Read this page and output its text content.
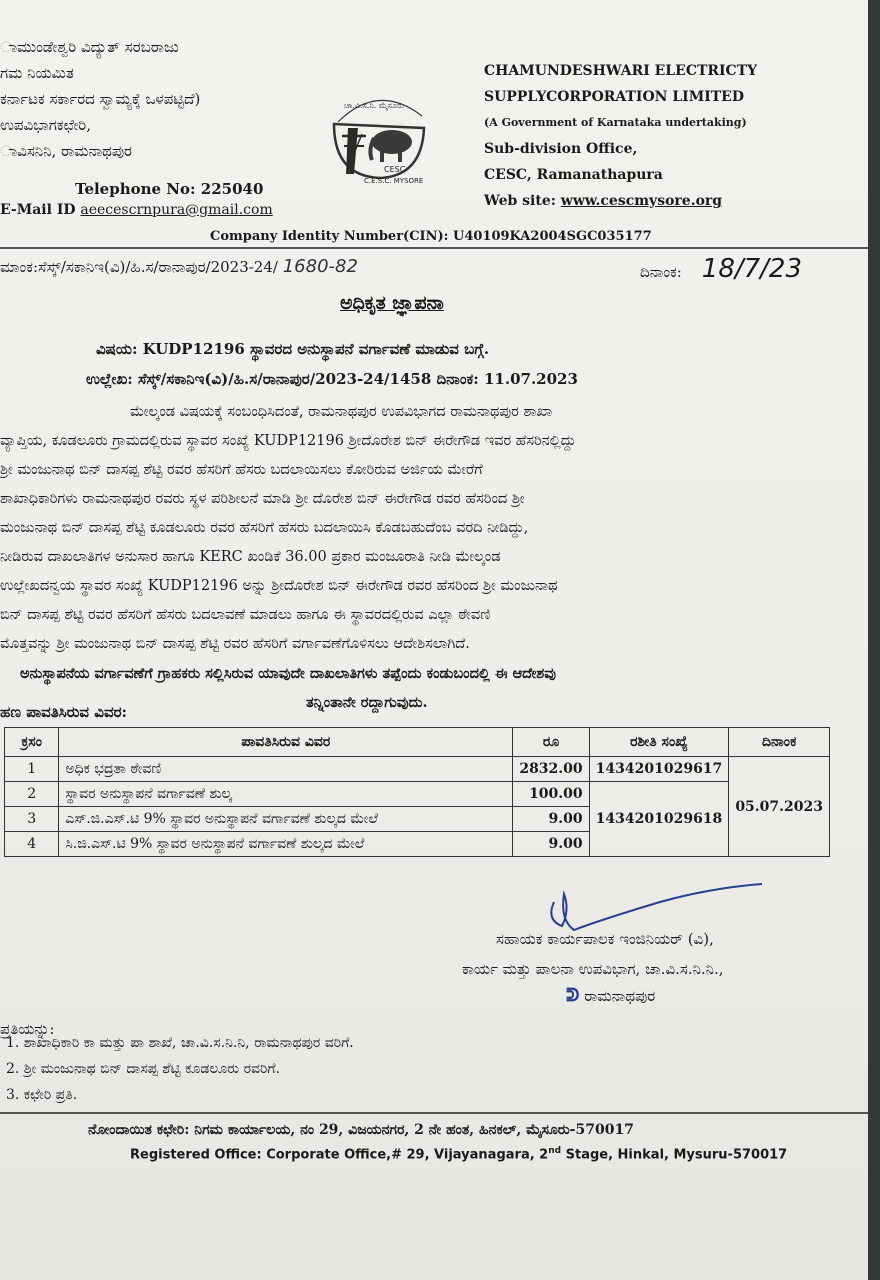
ಾಮುಂಡೇಶ್ವರಿ ವಿದ್ಯುತ್ ಸರಬರಾಜು
ಗಮ ನಿಯಮಿತ
ಕರ್ನಾಟಕ ಸರ್ಕಾರದ ಸ್ವಾಮ್ಯಕ್ಕೆ ಒಳಪಟ್ಟಿದೆ)
ಉಪವಿಭಾಗಕಛೇರಿ,
ಾವಿಸನಿನಿ, ರಾಮನಾಥಪುರ
Telephone No: 225040
E-Mail ID aeecescrnpura@gmail.com
ಚಾ.ವಿ.ಸ.ನಿ. ಮೈಸೂರು
CESC
C.E.S.C. MYSORE
CHAMUNDESHWARI ELECTRICTY
SUPPLYCORPORATION LIMITED
(A Government of Karnataka undertaking)
Sub-division Office,
CESC, Ramanathapura
Web site: www.cescmysore.org
Company Identity Number(CIN): U40109KA2004SGC035177
ಮಾಂಕ:ಸೆಸ್ಕ್/ಸಕಾನಿಇ(ವಿ)/ಹಿ.ಸ/ರಾನಾಪುರ/2023-24/ 1680-82	ದಿನಾಂಕ: 18/7/23
ಅಧಿಕೃತ ಜ್ಞಾಪನಾ
ವಿಷಯ: KUDP12196 ಸ್ಥಾವರದ ಅನುಸ್ಥಾಪನೆ ವರ್ಗಾವಣೆ ಮಾಡುವ ಬಗ್ಗೆ.
ಉಲ್ಲೇಖ: ಸೆಸ್ಕ್/ಸಕಾನಿಇ(ವಿ)/ಹಿ.ಸ/ರಾನಾಪುರ/2023-24/1458 ದಿನಾಂಕ: 11.07.2023
ಮೇಲ್ಕಂಡ ವಿಷಯಕ್ಕೆ ಸಂಬಂಧಿಸಿದಂತೆ, ರಾಮನಾಥಪುರ ಉಪವಿಭಾಗದ ರಾಮನಾಥಪುರ ಶಾಖಾ
ವ್ಯಾಪ್ತಿಯ, ಕೂಡಲೂರು ಗ್ರಾಮದಲ್ಲಿರುವ ಸ್ಥಾವರ ಸಂಖ್ಯೆ KUDP12196 ಶ್ರೀದೊರೇಶ ಬಿನ್ ಈರೇಗೌಡ ಇವರ ಹೆಸರಿನಲ್ಲಿದ್ದು
ಶ್ರೀ ಮಂಜುನಾಥ ಬಿನ್ ದಾಸಪ್ಪ ಶೆಟ್ಟಿ ರವರ ಹೆಸರಿಗೆ ಹೆಸರು ಬದಲಾಯಿಸಲು ಕೋರಿರುವ ಅರ್ಜಿಯ ಮೇರೆಗೆ
ಶಾಖಾಧಿಕಾರಿಗಳು ರಾಮನಾಥಪುರ ರವರು ಸ್ಥಳ ಪರಿಶೀಲನೆ ಮಾಡಿ ಶ್ರೀ ದೊರೇಶ ಬಿನ್ ಈರೇಗೌಡ ರವರ ಹೆಸರಿಂದ ಶ್ರೀ
ಮಂಜುನಾಥ ಬಿನ್ ದಾಸಪ್ಪ ಶೆಟ್ಟಿ ಕೂಡಲೂರು ರವರ ಹೆಸರಿಗೆ ಹೆಸರು ಬದಲಾಯಿಸಿ ಕೊಡಬಹುದೆಂಬ ವರದಿ ನೀಡಿದ್ದು,
ನೀಡಿರುವ ದಾಖಲಾತಿಗಳ ಅನುಸಾರ ಹಾಗೂ KERC ಖಂಡಿಕೆ 36.00 ಪ್ರಕಾರ ಮಂಜೂರಾತಿ ನೀಡಿ ಮೇಲ್ಕಂಡ
ಉಲ್ಲೇಖದನ್ವಯ ಸ್ಥಾವರ ಸಂಖ್ಯೆ KUDP12196 ಅನ್ನು ಶ್ರೀದೊರೇಶ ಬಿನ್ ಈರೇಗೌಡ ರವರ ಹೆಸರಿಂದ ಶ್ರೀ ಮಂಜುನಾಥ
ಬಿನ್ ದಾಸಪ್ಪ ಶೆಟ್ಟಿ ರವರ ಹೆಸರಿಗೆ ಹೆಸರು ಬದಲಾವಣೆ ಮಾಡಲು ಹಾಗೂ ಈ ಸ್ಥಾವರದಲ್ಲಿರುವ ಎಲ್ಲಾ ಠೇವಣಿ
ಮೊತ್ತವನ್ನು ಶ್ರೀ ಮಂಜುನಾಥ ಬಿನ್ ದಾಸಪ್ಪ ಶೆಟ್ಟಿ ರವರ ಹೆಸರಿಗೆ ವರ್ಗಾವಣೆಗೊಳಿಸಲು ಆದೇಶಿಸಲಾಗಿದೆ.
ಅನುಸ್ಥಾಪನೆಯ ವರ್ಗಾವಣೆಗೆ ಗ್ರಾಹಕರು ಸಲ್ಲಿಸಿರುವ ಯಾವುದೇ ದಾಖಲಾತಿಗಳು ತಪ್ಪೆಂದು ಕಂಡುಬಂದಲ್ಲಿ ಈ ಆದೇಶವು
ತನ್ನಿಂತಾನೇ ರದ್ದಾಗುವುದು.
ಹಣ ಪಾವತಿಸಿರುವ ವಿವರ:
ಕ್ರಸಂ	ಪಾವತಿಸಿರುವ ವಿವರ	ರೂ	ರಶೀತಿ ಸಂಖ್ಯೆ	ದಿನಾಂಕ
1	ಅಧಿಕ ಭದ್ರತಾ ಠೇವಣಿ	2832.00	1434201029617	05.07.2023
2	ಸ್ಥಾವರ ಅನುಸ್ಥಾಪನೆ ವರ್ಗಾವಣೆ ಶುಲ್ಕ	100.00	1434201029618	
3	ಎಸ್.ಜಿ.ಎಸ್.ಟಿ 9% ಸ್ಥಾವರ ಅನುಸ್ಥಾಪನೆ ವರ್ಗಾವಣೆ ಶುಲ್ಕದ ಮೇಲೆ	9.00		
4	ಸಿ.ಜಿ.ಎಸ್.ಟಿ 9% ಸ್ಥಾವರ ಅನುಸ್ಥಾಪನೆ ವರ್ಗಾವಣೆ ಶುಲ್ಕದ ಮೇಲೆ	9.00		
ಸಹಾಯಕ ಕಾರ್ಯಪಾಲಕ ಇಂಜಿನಿಯರ್ (ವಿ),
ಕಾರ್ಯ ಮತ್ತು ಪಾಲನಾ ಉಪವಿಭಾಗ, ಚಾ.ವಿ.ಸ.ನಿ.ನಿ.,
ᕲ ರಾಮನಾಥಪುರ
ಪ್ರತಿಯನ್ನು:
1. ಶಾಖಾಧಿಕಾರಿ ಕಾ ಮತ್ತು ಪಾ ಶಾಖೆ, ಚಾ.ವಿ.ಸ.ನಿ.ನಿ, ರಾಮನಾಥಪುರ ವರಿಗೆ.
2. ಶ್ರೀ ಮಂಜುನಾಥ ಬಿನ್ ದಾಸಪ್ಪ ಶೆಟ್ಟಿ ಕೂಡಲೂರು ರವರಿಗೆ.
3. ಕಛೇರಿ ಪ್ರತಿ.
ನೋಂದಾಯಿತ ಕಛೇರಿ: ನಿಗಮ ಕಾರ್ಯಾಲಯ, ನಂ 29, ವಿಜಯನಗರ, 2 ನೇ ಹಂತ, ಹಿನಕಲ್, ಮೈಸೂರು-570017
Registered Office: Corporate Office,# 29, Vijayanagara, 2nd Stage, Hinkal, Mysuru-570017
